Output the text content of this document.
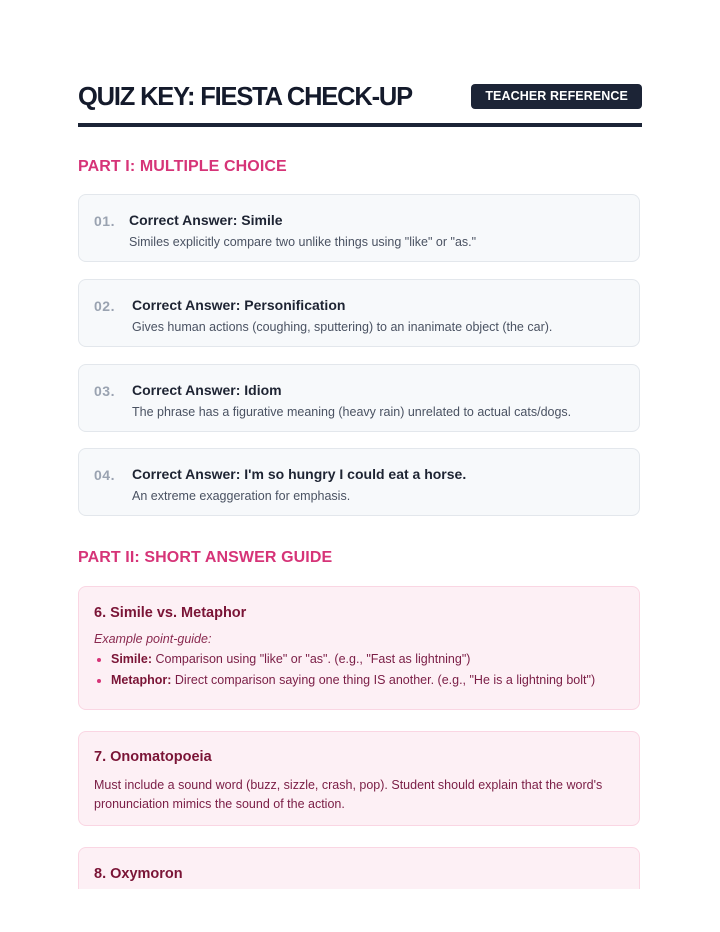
QUIZ KEY: FIESTA CHECK-UP	TEACHER REFERENCE
PART I: MULTIPLE CHOICE
01. Correct Answer: Simile
Similes explicitly compare two unlike things using "like" or "as."
02. Correct Answer: Personification
Gives human actions (coughing, sputtering) to an inanimate object (the car).
03. Correct Answer: Idiom
The phrase has a figurative meaning (heavy rain) unrelated to actual cats/dogs.
04. Correct Answer: I'm so hungry I could eat a horse.
An extreme exaggeration for emphasis.
PART II: SHORT ANSWER GUIDE
6. Simile vs. Metaphor
Example point-guide:
• Simile: Comparison using "like" or "as". (e.g., "Fast as lightning")
• Metaphor: Direct comparison saying one thing IS another. (e.g., "He is a lightning bolt")
7. Onomatopoeia
Must include a sound word (buzz, sizzle, crash, pop). Student should explain that the word's pronunciation mimics the sound of the action.
8. Oxymoron
